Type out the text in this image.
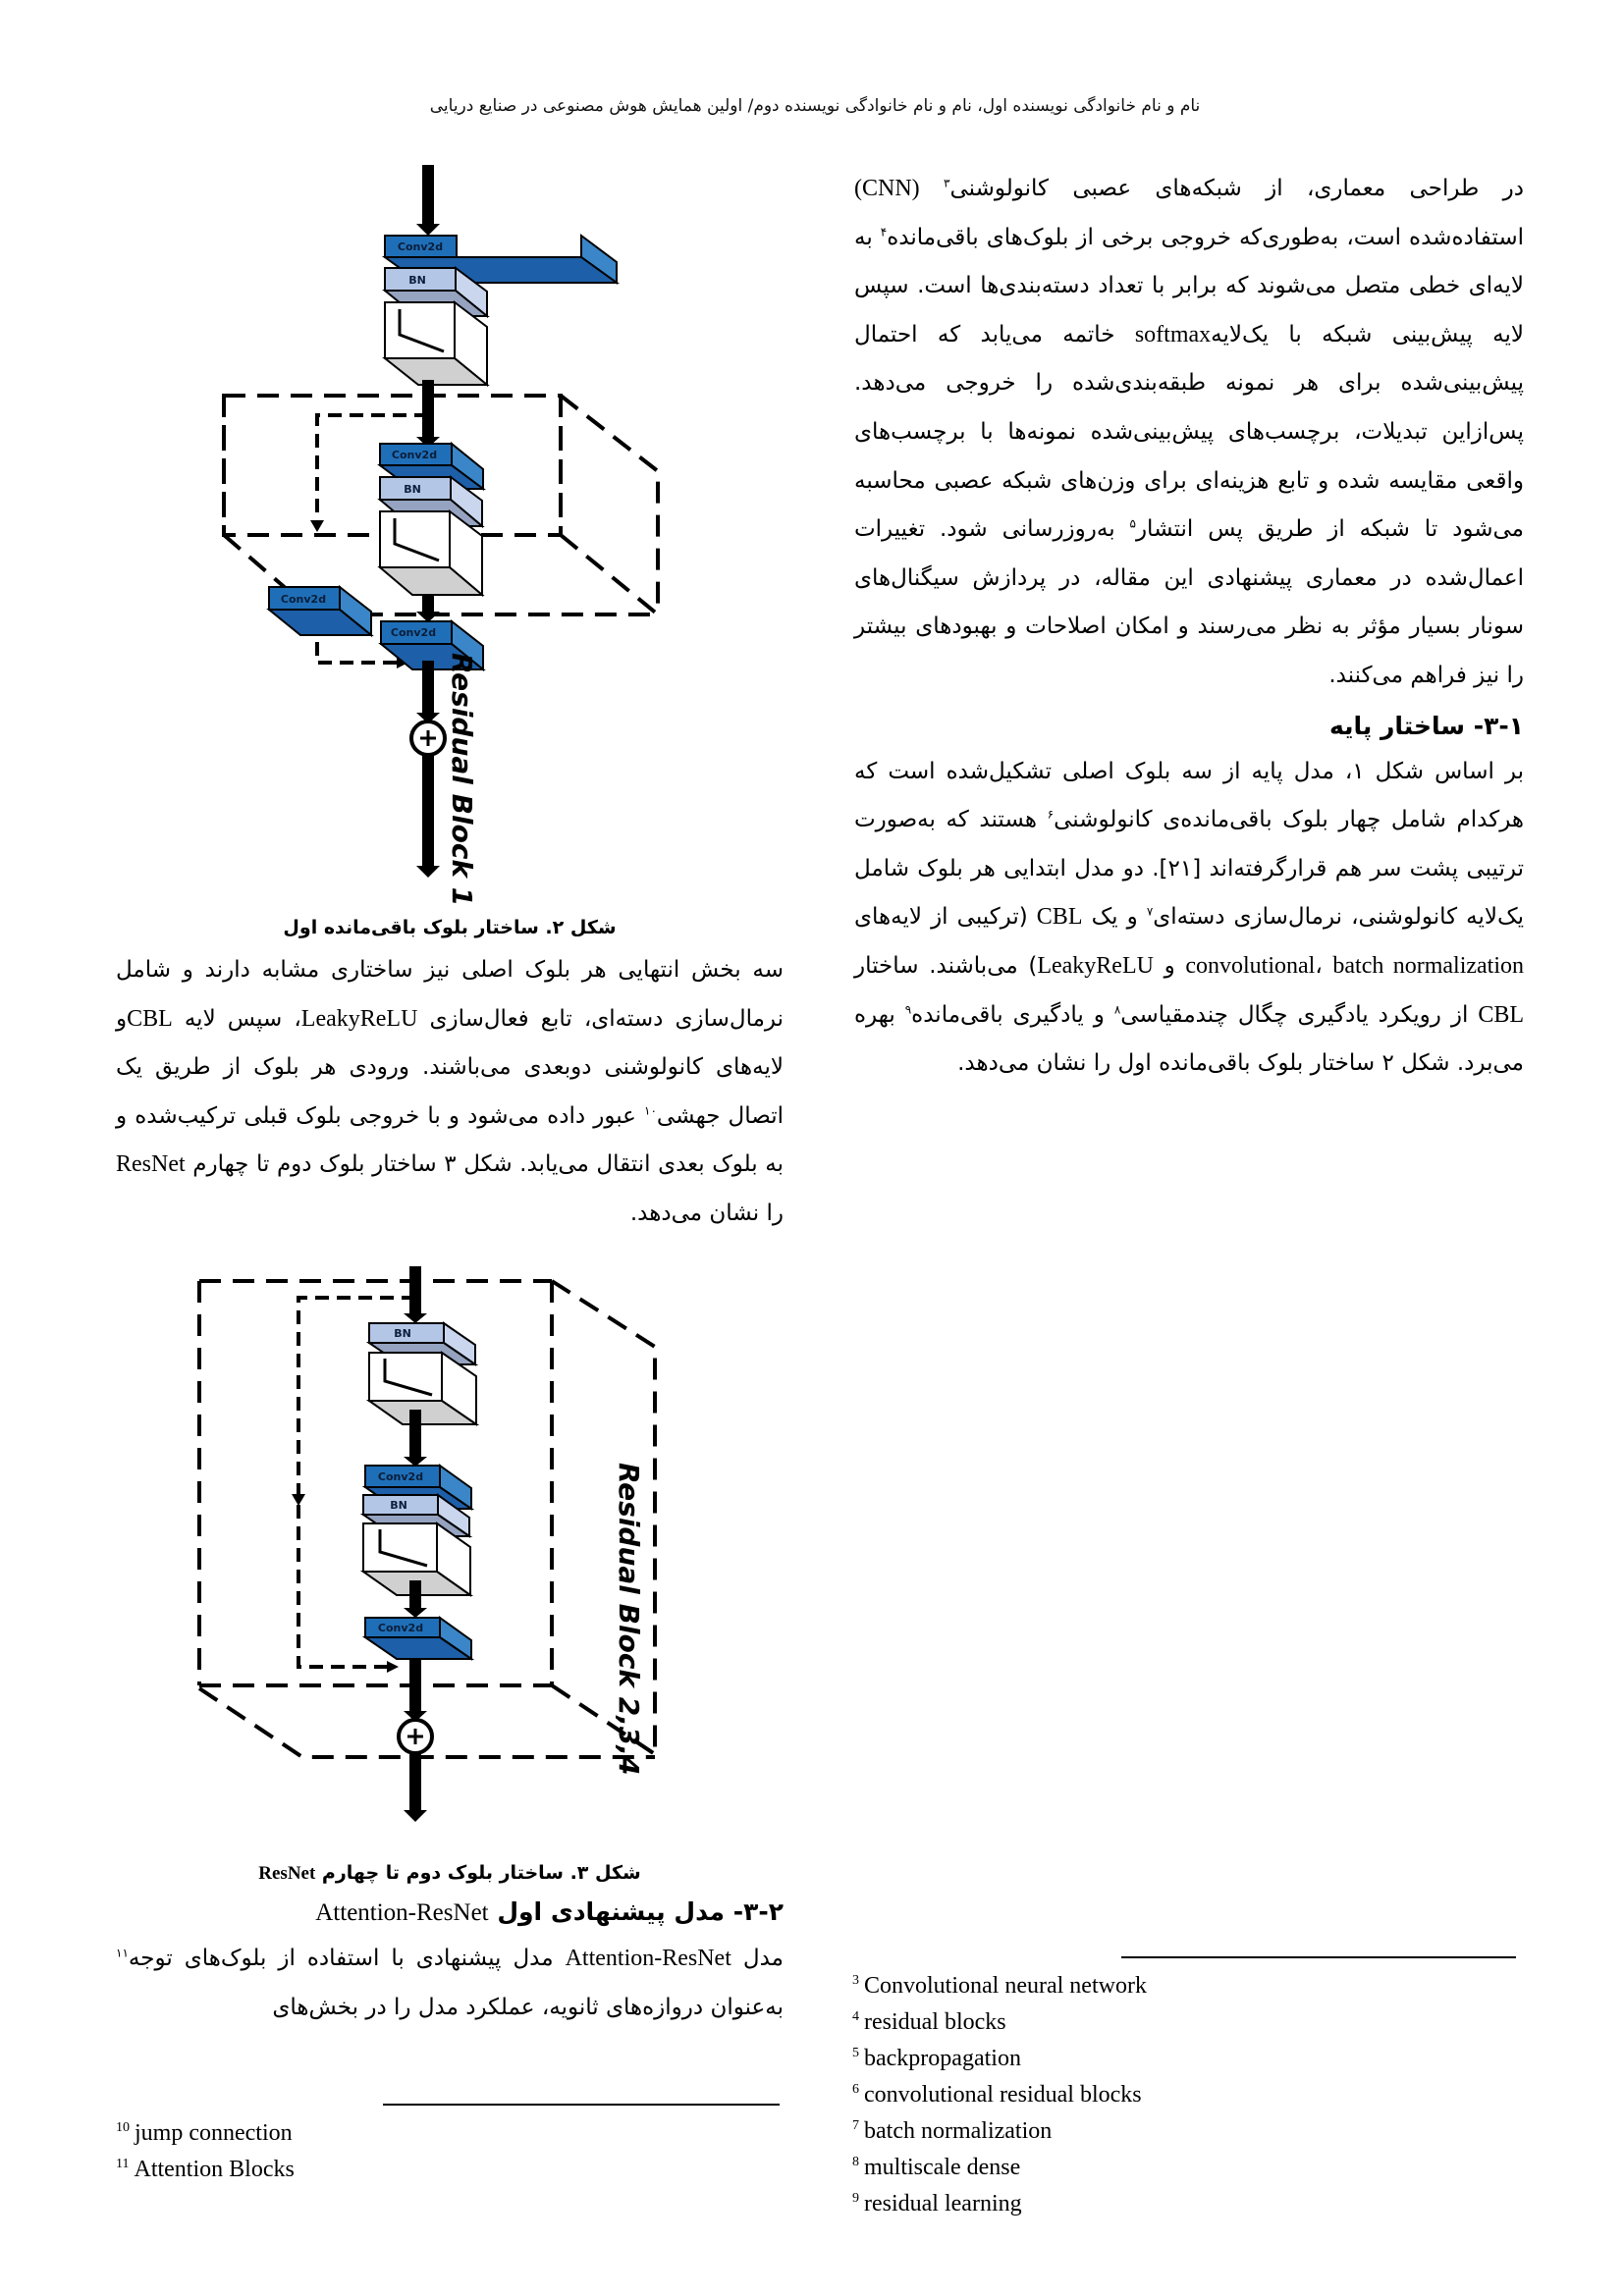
نام و نام خانوادگی نویسنده اول، نام و نام خانوادگی نویسنده دوم/ اولین همایش هوش مصنوعی در صنایع دریایی

در طراحی معماری، از شبکه‌های عصبی کانولوشنی$^۳$ (CNN) استفاده‌شده است، به‌طوری‌که خروجی برخی از بلوک‌های باقی‌مانده$^۴$ به لایه‌ای خطی متصل می‌شوند که برابر با تعداد دسته‌بندی‌ها است. سپس لایه پیش‌بینی شبکه با یک‌لایهsoftmax خاتمه می‌یابد که احتمال پیش‌بینی‌شده برای هر نمونه طبقه‌بندی‌شده را خروجی می‌دهد. پس‌ازاین تبدیلات، برچسب‌های پیش‌بینی‌شده نمونه‌ها با برچسب‌های واقعی مقایسه شده و تابع هزینه‌ای برای وزن‌های شبکه عصبی محاسبه می‌شود تا شبکه از طریق پس انتشار$^۵$ به‌روزرسانی شود. تغییرات اعمال‌شده در معماری پیشنهادی این مقاله، در پردازش سیگنال‌های سونار بسیار مؤثر به نظر می‌رسند و امکان اصلاحات و بهبودهای بیشتر را نیز فراهم می‌کنند.

۳-۱- ساختار پایه

بر اساس شکل ۱، مدل پایه از سه بلوک اصلی تشکیل‌شده است که هرکدام شامل چهار بلوک باقی‌مانده‌ی کانولوشنی$^۶$ هستند که به‌صورت ترتیبی پشت سر هم قرارگرفته‌اند [۲۱]. دو مدل ابتدایی هر بلوک شامل یک‌لایه کانولوشنی، نرمال‌سازی دسته‌ای$^۷$ و یک CBL (ترکیبی از لایه‌های convolutional، batch normalization و LeakyReLU) می‌باشند. ساختار CBL از رویکرد یادگیری چگال چندمقیاسی$^۸$ و یادگیری باقی‌مانده$^۹$ بهره می‌برد. شکل ۲ ساختار بلوک باقی‌مانده اول را نشان می‌دهد.

$^3$ Convolutional neural network
$^4$ residual blocks
$^5$ backpropagation
$^6$ convolutional residual blocks
$^7$ batch normalization
$^8$ multiscale dense
$^9$ residual learning
Conv2d
BN
Conv2d
BN
Conv2d
Conv2d
Residual Block 1
شکل ۲. ساختار بلوک باقی‌مانده اول

سه بخش انتهایی هر بلوک اصلی نیز ساختاری مشابه دارند و شامل نرمال‌سازی دسته‌ای، تابع فعال‌سازی LeakyReLU، سپس لایه CBLو لایه‌های کانولوشنی دوبعدی می‌باشند. ورودی هر بلوک از طریق یک اتصال جهشی$^{۱۰}$ عبور داده می‌شود و با خروجی بلوک قبلی ترکیب‌شده و به بلوک بعدی انتقال می‌یابد. شکل ۳ ساختار بلوک دوم تا چهارم ResNet را نشان می‌دهد.

BN
Conv2d
BN
Conv2d	Residual Block 2,3,4
شکل ۳. ساختار بلوک دوم تا چهارم ResNet

۳-۲- مدل پیشنهادی اول Attention-ResNet

مدل Attention-ResNet مدل پیشنهادی با استفاده از بلوک‌های توجه$^{۱۱}$ به‌عنوان دروازه‌های ثانویه، عملکرد مدل را در بخش‌های

$^{10}$ jump connection
$^{11}$ Attention Blocks
